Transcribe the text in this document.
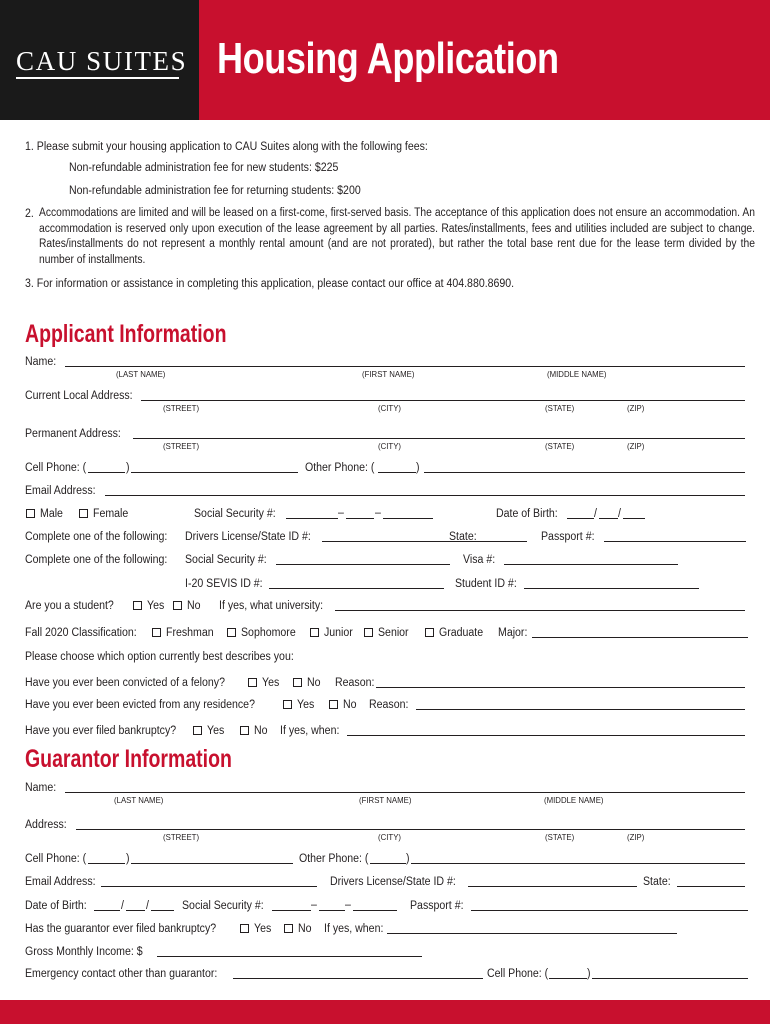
CAU SUITES Housing Application
1. Please submit your housing application to CAU Suites along with the following fees:
Non-refundable administration fee for new students: $225
Non-refundable administration fee for returning students: $200
2. Accommodations are limited and will be leased on a first-come, first-served basis. The acceptance of this application does not ensure an accommodation. An accommodation is reserved only upon execution of the lease agreement by all parties. Rates/installments, fees and utilities included are subject to change. Rates/installments do not represent a monthly rental amount (and are not prorated), but rather the total base rent due for the lease term divided by the number of installments.
3. For information or assistance in completing this application, please contact our office at 404.880.8690.
Applicant Information
Name:
(LAST NAME)	(FIRST NAME)	(MIDDLE NAME)
Current Local Address:
(STREET)	(CITY)	(STATE)	(ZIP)
Permanent Address:
(STREET)	(CITY)	(STATE)	(ZIP)
Cell Phone: (	)	Other Phone: (	)
Email Address:
Male	Female	Social Security #:	–	–	Date of Birth:	/ /
Complete one of the following: Drivers License/State ID #:	State:	Passport #:
Complete one of the following: Social Security #:	Visa #:
I-20 SEVIS ID #:	Student ID #:
Are you a student?	Yes No If yes, what university:
Fall 2020 Classification:	Freshman Sophomore Junior Senior	Graduate Major:
Please choose which option currently best describes you:
Have you ever been convicted of a felony?	Yes No Reason:
Have you ever been evicted from any residence?	Yes No Reason:
Have you ever filed bankruptcy?	Yes	No If yes, when:
Guarantor Information
Name:
(LAST NAME)	(FIRST NAME)	(MIDDLE NAME)
Address:
(STREET)	(CITY)	(STATE)	(ZIP)
Cell Phone: (	)	Other Phone: (	)
Email Address:	Drivers License/State ID #:	State:
Date of Birth:	/ /	Social Security #:	– –	Passport #:
Has the guarantor ever filed bankruptcy?	Yes No If yes, when:
Gross Monthly Income: $
Emergency contact other than guarantor:	Cell Phone: (	)
